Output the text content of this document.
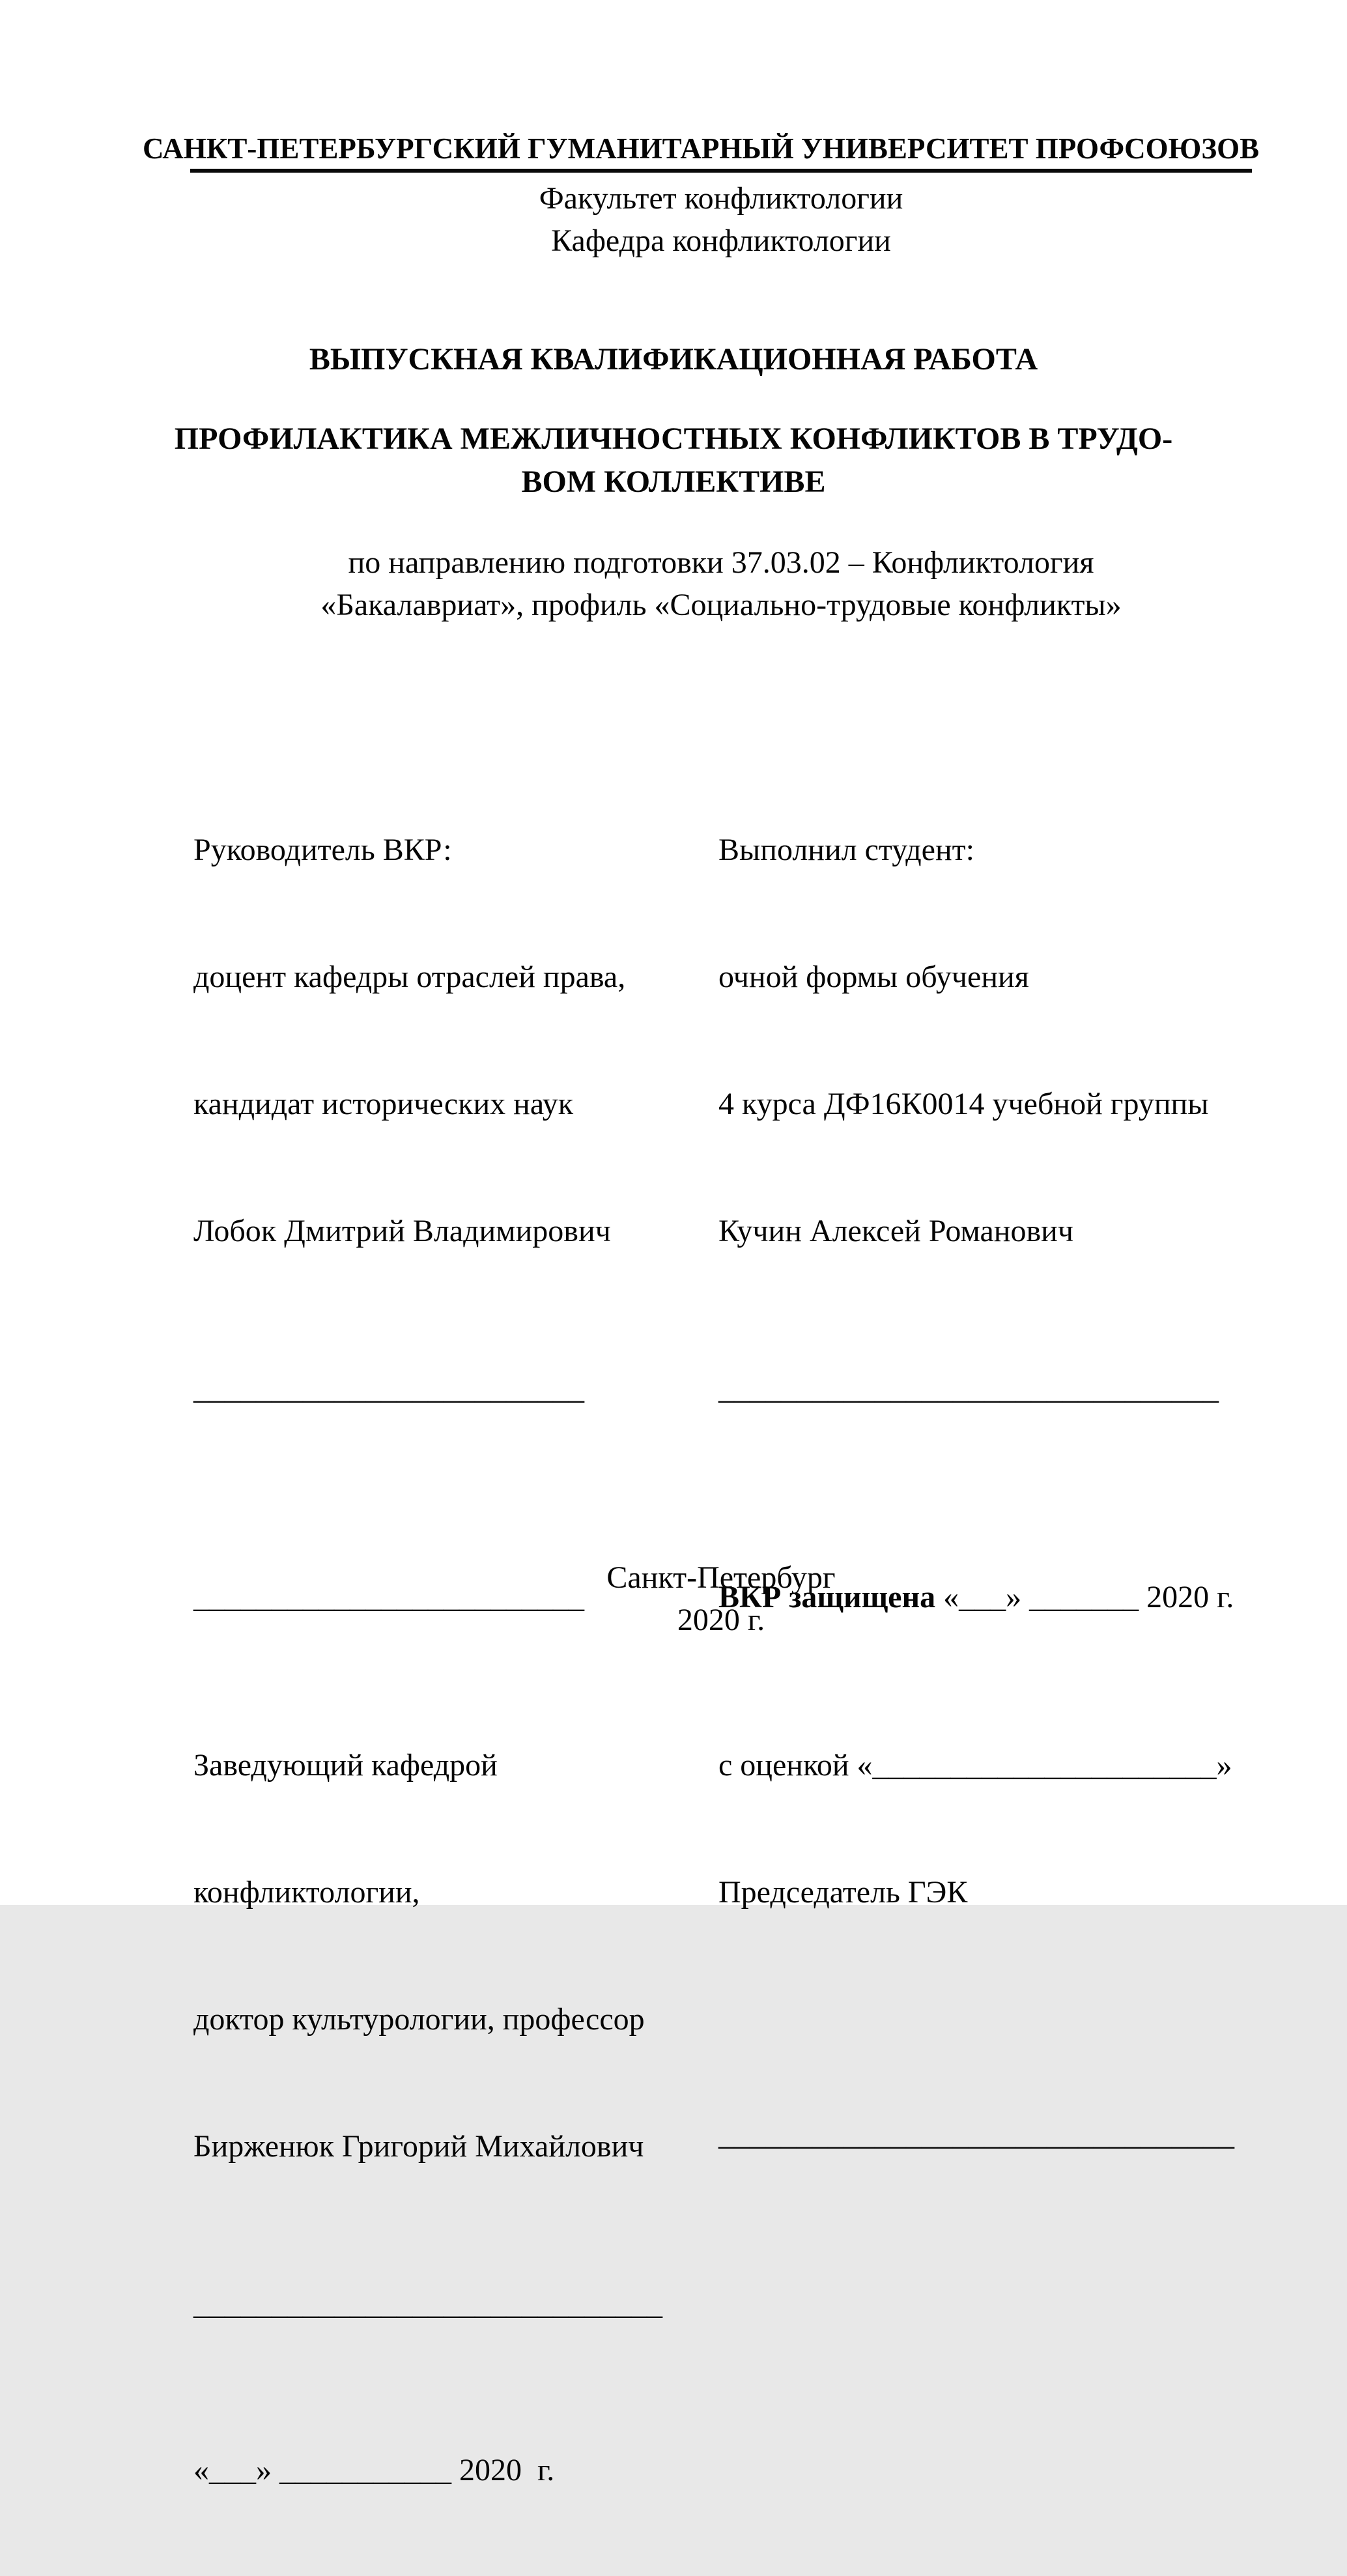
САНКТ-ПЕТЕРБУРГСКИЙ ГУМАНИТАРНЫЙ УНИВЕРСИТЕТ ПРОФСОЮЗОВ
Факультет конфликтологии
Кафедра конфликтологии
ВЫПУСКНАЯ КВАЛИФИКАЦИОННАЯ РАБОТА
ПРОФИЛАКТИКА МЕЖЛИЧНОСТНЫХ КОНФЛИКТОВ В ТРУДО-
ВОМ КОЛЛЕКТИВЕ
по направлению подготовки 37.03.02 – Конфликтология
«Бакалавриат», профиль «Социально-трудовые конфликты»

Руководитель ВКР:

доцент кафедры отраслей права,

кандидат исторических наук

Лобок Дмитрий Владимирович

_________________________

_________________________

Заведующий кафедрой

конфликтологии,

доктор культурологии, профессор

Бирженюк Григорий Михайлович

______________________________

«___» ___________ 2020  г.

Выполнил студент:

очной формы обучения

4 курса ДФ16К0014 учебной группы

Кучин Алексей Романович

________________________________

ВКР защищена «___» _______ 2020 г.

с оценкой «______________________»

Председатель ГЭК

_________________________________

Санкт-Петербург
2020 г.
